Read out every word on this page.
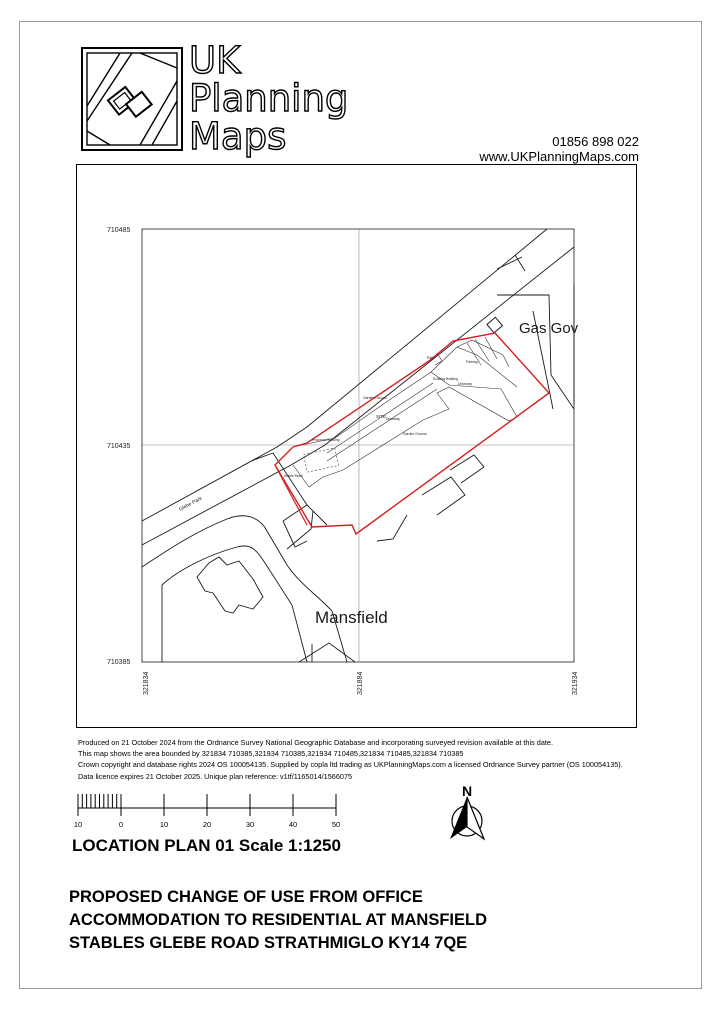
UK
Planning
Maps	01856 898 022
www.UKPlanningMaps.com
SITE
Garden Ground
Garden Ground
Driveway
Driveway
Parking
Proposed Building
Stable Block
Path
Existing Building
Glebe Park
Gas Gov
Mansfield
710485
710435
710385
321834	321884	321934
Produced on 21 October 2024 from the Ordnance Survey National Geographic Database and incorporating surveyed revision available at this date.
This map shows the area bounded by 321834 710385,321934 710385,321934 710485,321834 710485,321834 710385
Crown copyright and database rights 2024 OS 100054135. Supplied by copla ltd trading as UKPlanningMaps.com a licensed Ordnance Survey partner (OS 100054135).
Data licence expires 21 October 2025. Unique plan reference: v1tf/1165014/1566075
10	0	10	20	30	40	50
N
LOCATION PLAN 01 Scale 1:1250
PROPOSED CHANGE OF USE FROM OFFICE
ACCOMMODATION TO RESIDENTIAL AT MANSFIELD
STABLES GLEBE ROAD STRATHMIGLO KY14 7QE
